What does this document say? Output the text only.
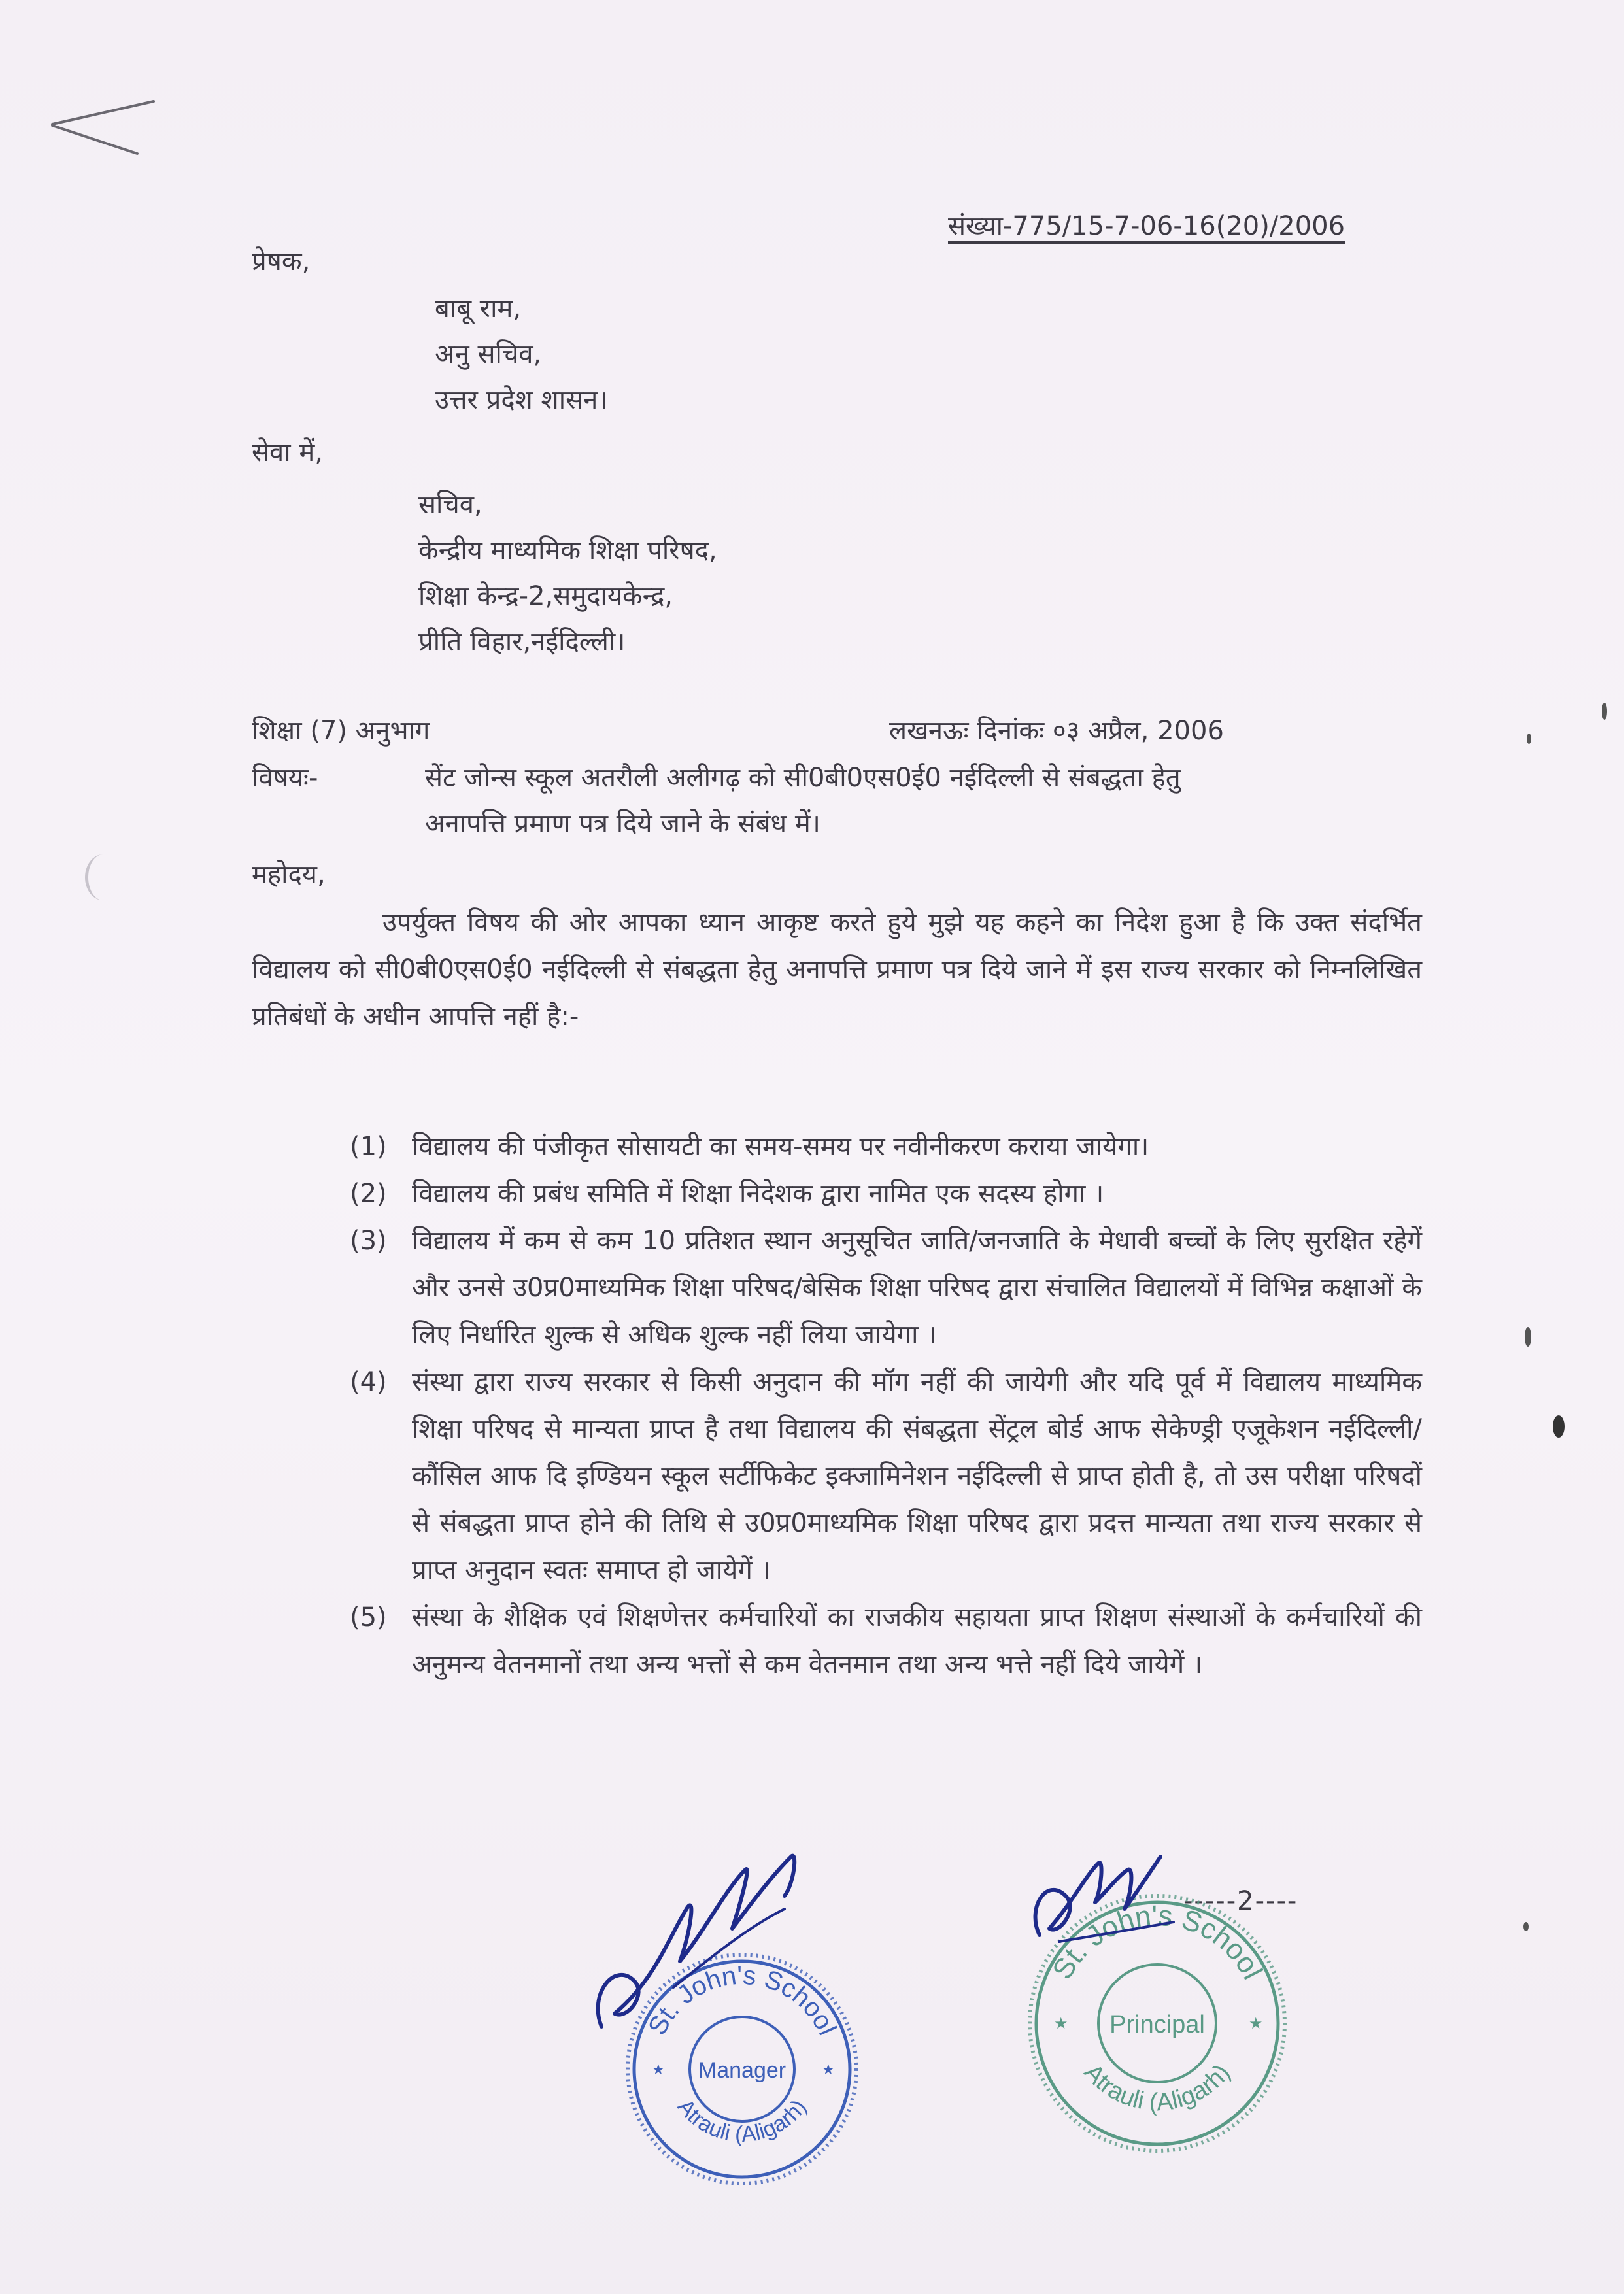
संख्या-775/15-7-06-16(20)/2006
प्रेषक,
बाबू राम,
अनु सचिव,
उत्तर प्रदेश शासन।
सेवा में,
सचिव,
केन्द्रीय माध्यमिक शिक्षा परिषद,
शिक्षा केन्द्र-2,समुदायकेन्द्र,
प्रीति विहार,नईदिल्ली।
शिक्षा (7) अनुभाग	लखनऊः दिनांकः ०३ अप्रैल, 2006
विषयः-	सेंट जोन्स स्कूल अतरौली अलीगढ़ को सी0बी0एस0ई0 नईदिल्ली से संबद्धता हेतु
अनापत्ति प्रमाण पत्र दिये जाने के संबंध में।
महोदय,
उपर्युक्त विषय की ओर आपका ध्यान आकृष्ट करते हुये मुझे यह कहने का निदेश हुआ है कि उक्त संदर्भित विद्यालय को सी0बी0एस0ई0 नईदिल्ली से संबद्धता हेतु अनापत्ति प्रमाण पत्र दिये जाने में इस राज्य सरकार को निम्नलिखित प्रतिबंधों के अधीन आपत्ति नहीं है:-
(1) विद्यालय की पंजीकृत सोसायटी का समय-समय पर नवीनीकरण कराया जायेगा।
(2) विद्यालय की प्रबंध समिति में शिक्षा निदेशक द्वारा नामित एक सदस्य होगा ।
(3) विद्यालय में कम से कम 10 प्रतिशत स्थान अनुसूचित जाति/जनजाति के मेधावी बच्चों के लिए सुरक्षित रहेगें और उनसे उ0प्र0माध्यमिक शिक्षा परिषद/बेसिक शिक्षा परिषद द्वारा संचालित विद्यालयों में विभिन्न कक्षाओं के लिए निर्धारित शुल्क से अधिक शुल्क नहीं लिया जायेगा ।
(4) संस्था द्वारा राज्य सरकार से किसी अनुदान की मॉग नहीं की जायेगी और यदि पूर्व में विद्यालय माध्यमिक शिक्षा परिषद से मान्यता प्राप्त है तथा विद्यालय की संबद्धता सेंट्रल बोर्ड आफ सेकेण्ड्री एजूकेशन नईदिल्ली/कौंसिल आफ दि इण्डियन स्कूल सर्टीफिकेट इक्जामिनेशन नईदिल्ली से प्राप्त होती है, तो उस परीक्षा परिषदों से संबद्धता प्राप्त होने की तिथि से उ0प्र0माध्यमिक शिक्षा परिषद द्वारा प्रदत्त मान्यता तथा राज्य सरकार से प्राप्त अनुदान स्वतः समाप्त हो जायेगें ।
(5) संस्था के शैक्षिक एवं शिक्षणेत्तर कर्मचारियों का राजकीय सहायता प्राप्त शिक्षण संस्थाओं के कर्मचारियों की अनुमन्य वेतनमानों तथा अन्य भत्तों से कम वेतनमान तथा अन्य भत्ते नहीं दिये जायेगें ।
-----2----
St. John's School
Manager
Atrauli (Aligarh)
★	★
St. John's School
Principal
Atrauli (Aligarh)
★	★
